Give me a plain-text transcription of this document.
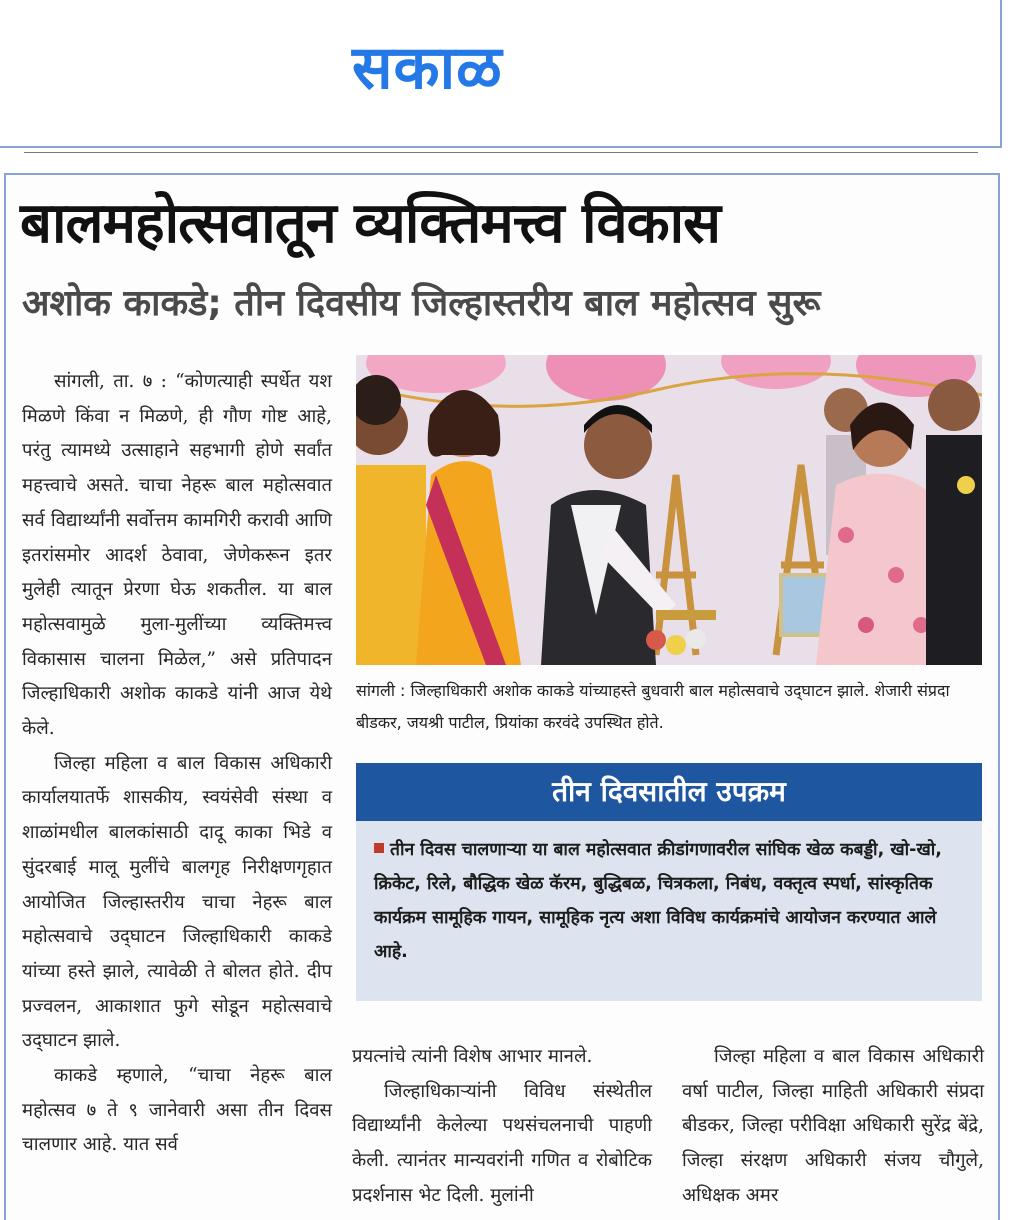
सकाळ
बालमहोत्सवातून व्यक्तिमत्त्व विकास
अशोक काकडे; तीन दिवसीय जिल्हास्तरीय बाल महोत्सव सुरू

सांगली, ता. ७ : “कोणत्याही स्पर्धेत यश मिळणे किंवा न मिळणे, ही गौण गोष्ट आहे, परंतु त्यामध्ये उत्साहाने सहभागी होणे सर्वांत महत्त्वाचे असते. चाचा नेहरू बाल महोत्सवात सर्व विद्यार्थ्यांनी सर्वोत्तम कामगिरी करावी आणि इतरांसमोर आदर्श ठेवावा, जेणेकरून इतर मुलेही त्यातून प्रेरणा घेऊ शकतील. या बाल महोत्सवामुळे मुला-मुलींच्या व्यक्तिमत्त्व विकासास चालना मिळेल,” असे प्रतिपादन जिल्हाधिकारी अशोक काकडे यांनी आज येथे केले.

जिल्हा महिला व बाल विकास अधिकारी कार्यालयातर्फे शासकीय, स्वयंसेवी संस्था व शाळांमधील बालकांसाठी दादू काका भिडे व सुंदरबाई मालू मुलींचे बालगृह निरीक्षणगृहात आयोजित जिल्हास्तरीय चाचा नेहरू बाल महोत्सवाचे उद्‌घाटन जिल्हाधिकारी काकडे यांच्या हस्ते झाले, त्यावेळी ते बोलत होते. दीप प्रज्वलन, आकाशात फुगे सोडून महोत्सवाचे उद्‌घाटन झाले.

काकडे म्हणाले, “चाचा नेहरू बाल महोत्सव ७ ते ९ जानेवारी असा तीन दिवस चालणार आहे. यात सर्व

सांगली : जिल्हाधिकारी अशोक काकडे यांच्याहस्ते बुधवारी बाल महोत्सवाचे उद्‌घाटन झाले. शेजारी संप्रदा बीडकर, जयश्री पाटील, प्रियांका करवंदे उपस्थित होते.
तीन दिवसातील उपक्रम
तीन दिवस चालणाऱ्या या बाल महोत्सवात क्रीडांगणावरील सांघिक खेळ कबड्डी, खो-खो, क्रिकेट, रिले, बौद्धिक खेळ कॅरम, बुद्धिबळ, चित्रकला, निबंध, वक्तृत्व स्पर्धा, सांस्कृतिक कार्यक्रम सामूहिक गायन, सामूहिक नृत्य अशा विविध कार्यक्रमांचे आयोजन करण्यात आले आहे.

प्रयत्नांचे त्यांनी विशेष आभार मानले.

जिल्हाधिकाऱ्यांनी विविध संस्थेतील विद्यार्थ्यांनी केलेल्या पथसंचलनाची पाहणी केली. त्यानंतर मान्यवरांनी गणित व रोबोटिक प्रदर्शनास भेट दिली. मुलांनी

जिल्हा महिला व बाल विकास अधिकारी वर्षा पाटील, जिल्हा माहिती अधिकारी संप्रदा बीडकर, जिल्हा परीविक्षा अधिकारी सुरेंद्र बेंद्रे, जिल्हा संरक्षण अधिकारी संजय चौगुले, अधिक्षक अमर
